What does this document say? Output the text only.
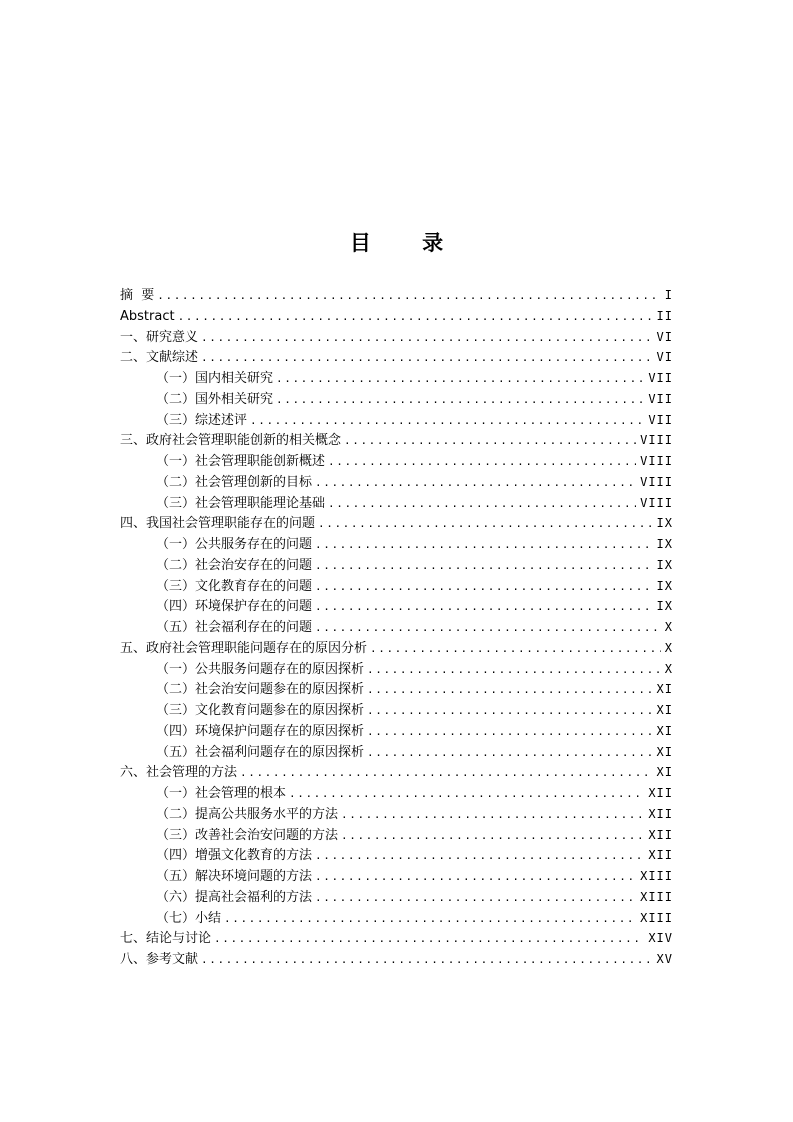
目 录
摘  要 .....	I
Abstract .....	II
一、研究意义 .....	VI
二、文献综述 .....	VI
（一）国内相关研究 .....	VII
（二）国外相关研究 .....	VII
（三）综述述评 .....	VII
三、政府社会管理职能创新的相关概念 .....	VIII
（一）社会管理职能创新概述 .....	VIII
（二）社会管理创新的目标 .....	VIII
（三）社会管理职能理论基础 .....	VIII
四、我国社会管理职能存在的问题 .....	IX
（一）公共服务存在的问题 .....	IX
（二）社会治安存在的问题 .....	IX
（三）文化教育存在的问题 .....	IX
（四）环境保护存在的问题 .....	IX
（五）社会福利存在的问题 .....	X
五、政府社会管理职能问题存在的原因分析 .....	X
（一）公共服务问题存在的原因探析 .....	X
（二）社会治安问题参在的原因探析 .....	XI
（三）文化教育问题参在的原因探析 .....	XI
（四）环境保护问题存在的原因探析 .....	XI
（五）社会福利问题存在的原因探析 .....	XI
六、社会管理的方法 .....	XI
（一）社会管理的根本 .....	XII
（二）提高公共服务水平的方法 .....	XII
（三）改善社会治安问题的方法 .....	XII
（四）增强文化教育的方法 .....	XII
（五）解决环境问题的方法 .....	XIII
（六）提高社会福利的方法 .....	XIII
（七）小结 .....	XIII
七、结论与讨论 .....	XIV
八、参考文献 .....	XV
